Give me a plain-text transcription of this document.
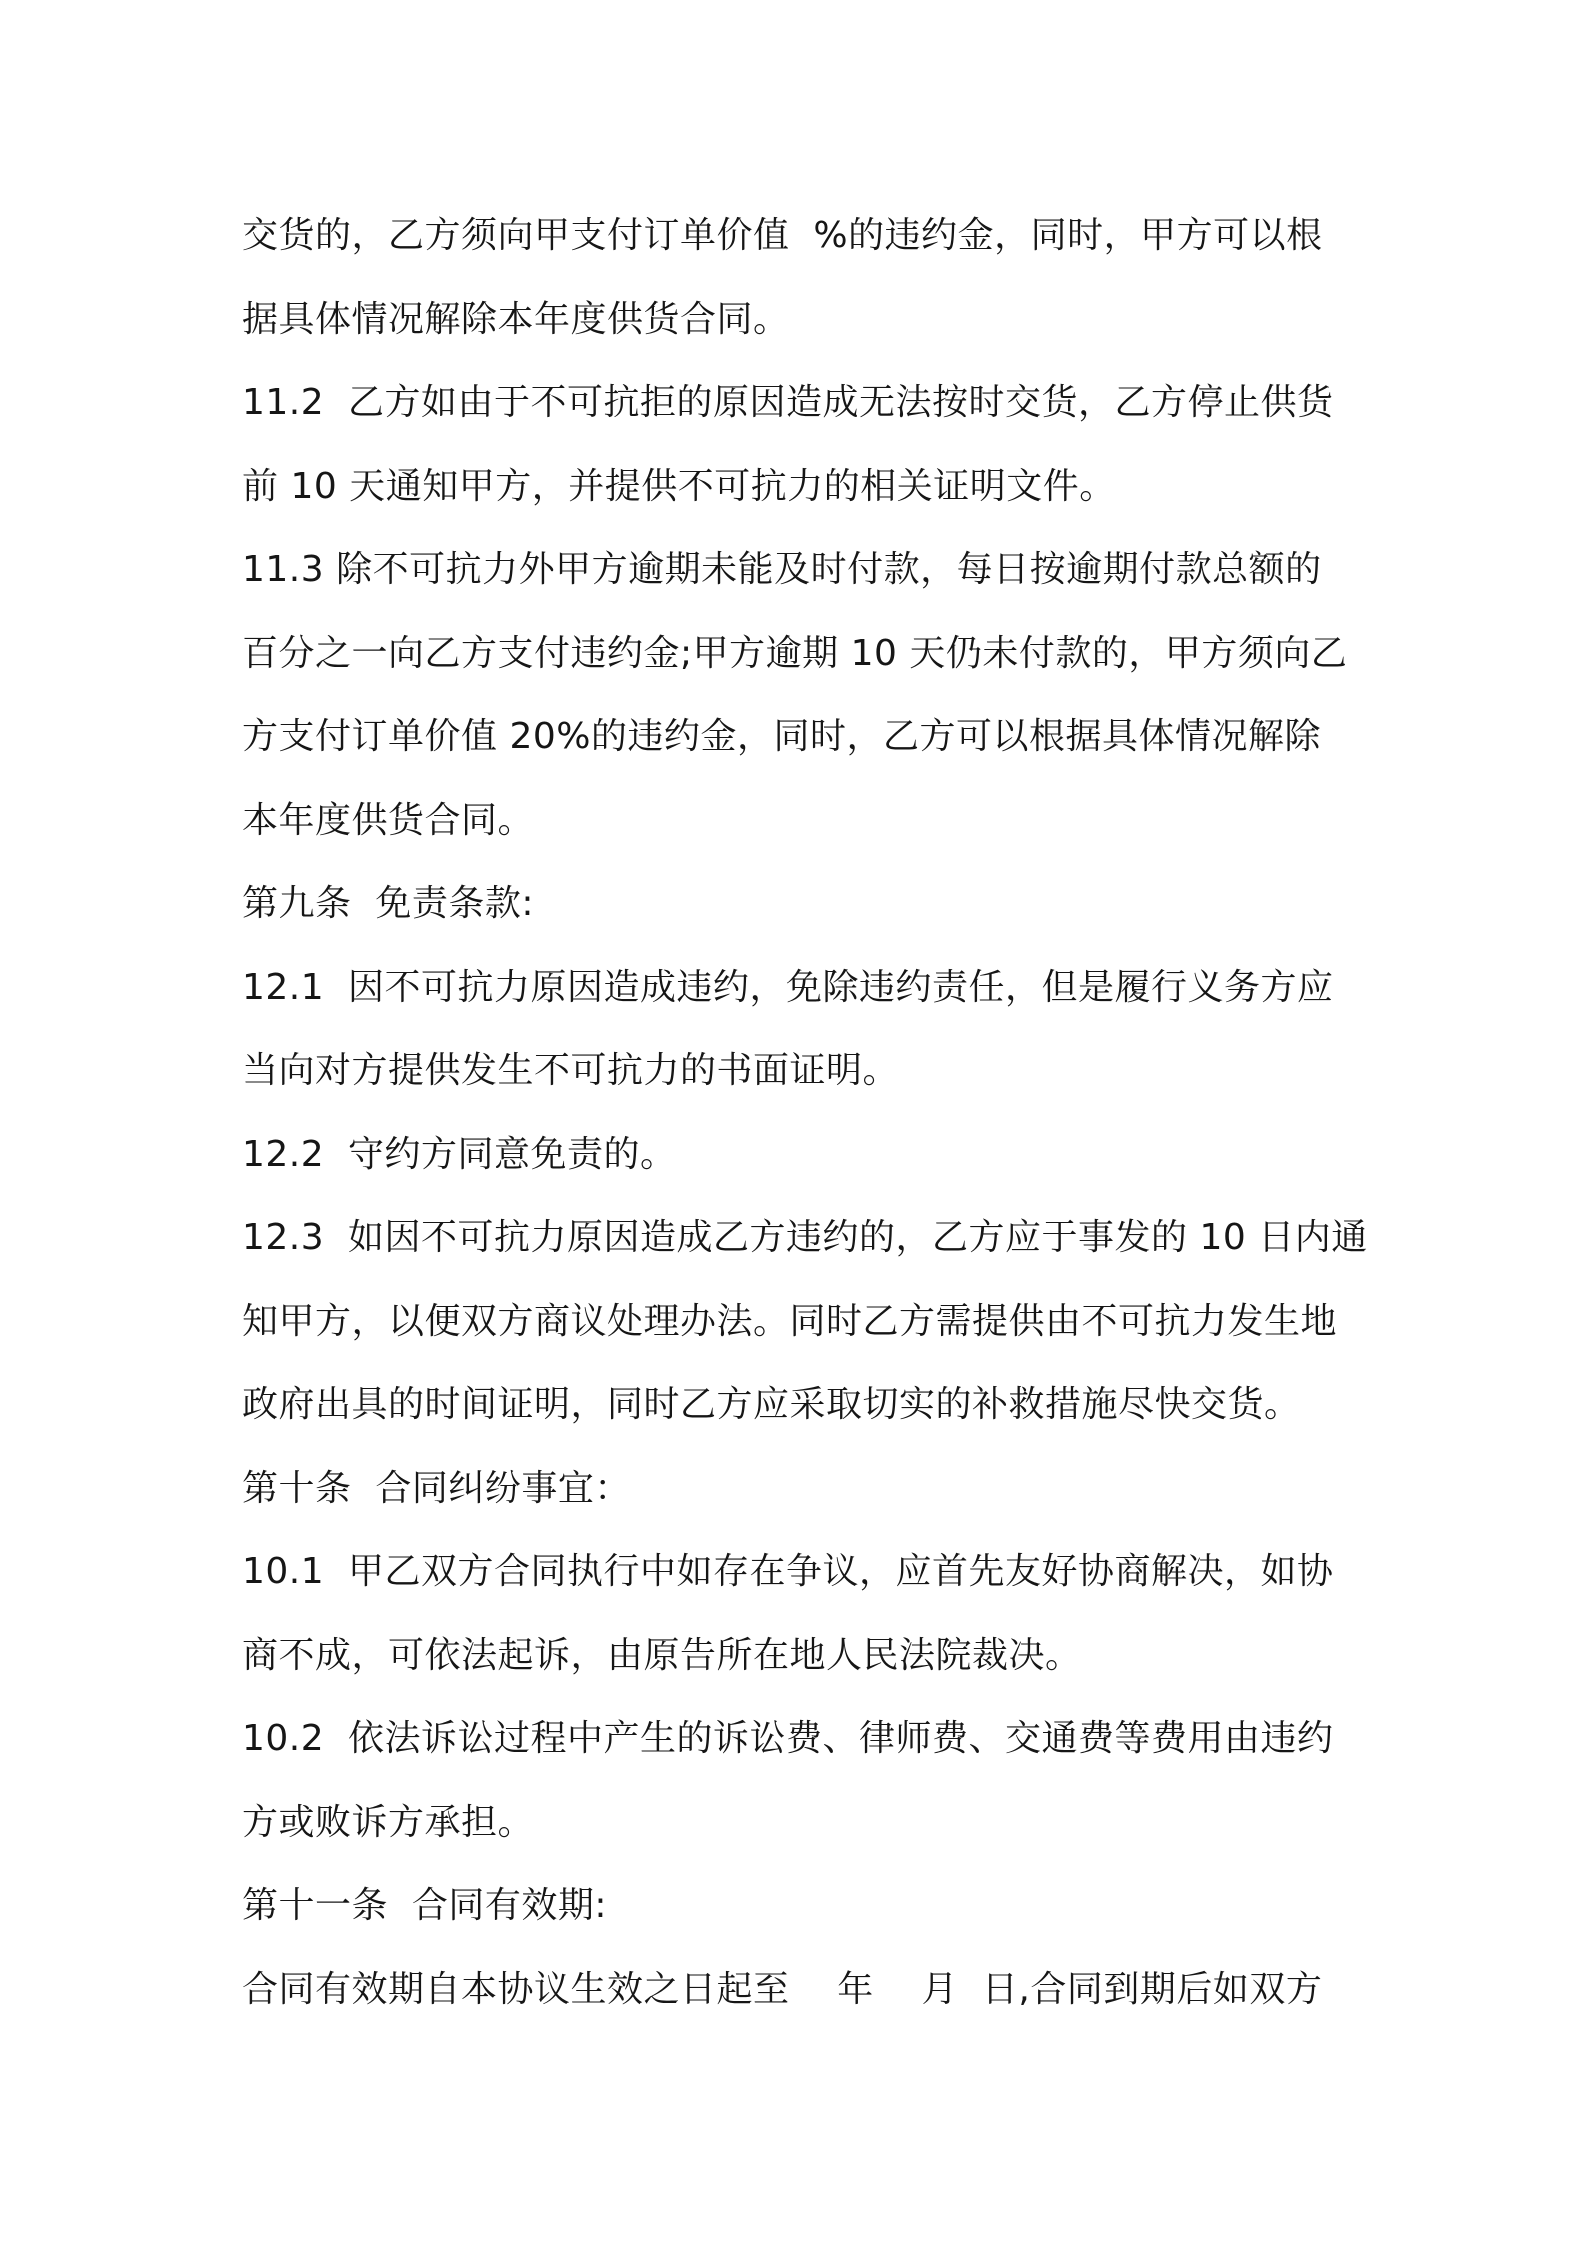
交货的，乙方须向甲支付订单价值  %的违约金，同时，甲方可以根
据具体情况解除本年度供货合同。
11.2  乙方如由于不可抗拒的原因造成无法按时交货，乙方停止供货
前 10 天通知甲方，并提供不可抗力的相关证明文件。
11.3 除不可抗力外甲方逾期未能及时付款，每日按逾期付款总额的
百分之一向乙方支付违约金;甲方逾期 10 天仍未付款的，甲方须向乙
方支付订单价值 20%的违约金，同时，乙方可以根据具体情况解除
本年度供货合同。
第九条  免责条款:
12.1  因不可抗力原因造成违约，免除违约责任，但是履行义务方应
当向对方提供发生不可抗力的书面证明。
12.2  守约方同意免责的。
12.3  如因不可抗力原因造成乙方违约的，乙方应于事发的 10 日内通
知甲方，以便双方商议处理办法。同时乙方需提供由不可抗力发生地
政府出具的时间证明，同时乙方应采取切实的补救措施尽快交货。
第十条  合同纠纷事宜：
10.1  甲乙双方合同执行中如存在争议，应首先友好协商解决，如协
商不成，可依法起诉，由原告所在地人民法院裁决。
10.2  依法诉讼过程中产生的诉讼费、律师费、交通费等费用由违约
方或败诉方承担。
第十一条  合同有效期:
合同有效期自本协议生效之日起至    年    月  日,合同到期后如双方
